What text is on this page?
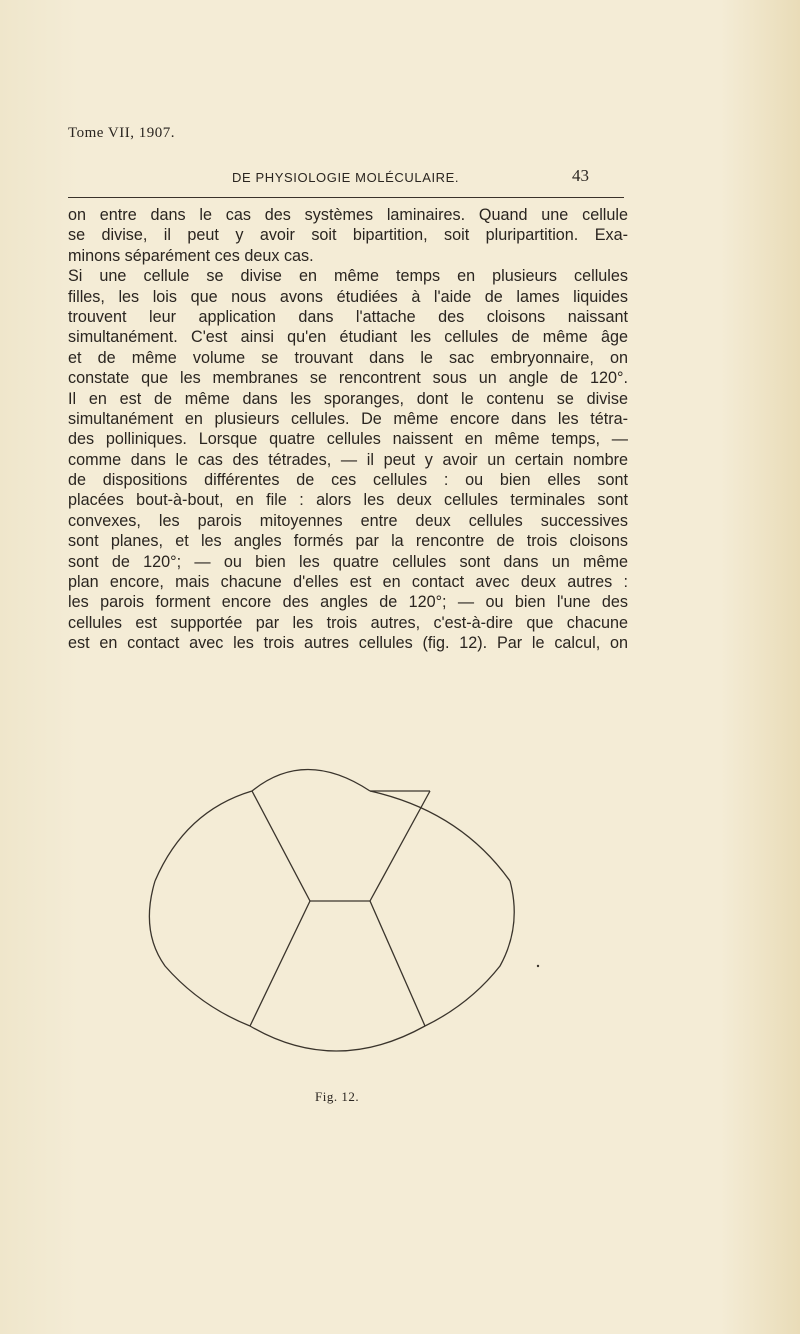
Tome VII, 1907.
DE PHYSIOLOGIE MOLÉCULAIRE.	43
on entre dans le cas des systèmes laminaires. Quand une cellule
se divise, il peut y avoir soit bipartition, soit pluripartition. Exa-
minons séparément ces deux cas.
Si une cellule se divise en même temps en plusieurs cellules
filles, les lois que nous avons étudiées à l'aide de lames liquides
trouvent leur application dans l'attache des cloisons naissant
simultanément. C'est ainsi qu'en étudiant les cellules de même âge
et de même volume se trouvant dans le sac embryonnaire, on
constate que les membranes se rencontrent sous un angle de 120°.
Il en est de même dans les sporanges, dont le contenu se divise
simultanément en plusieurs cellules. De même encore dans les tétra-
des polliniques. Lorsque quatre cellules naissent en même temps, —
comme dans le cas des tétrades, — il peut y avoir un certain nombre
de dispositions différentes de ces cellules : ou bien elles sont
placées bout-à-bout, en file : alors les deux cellules terminales sont
convexes, les parois mitoyennes entre deux cellules successives
sont planes, et les angles formés par la rencontre de trois cloisons
sont de 120°; — ou bien les quatre cellules sont dans un même
plan encore, mais chacune d'elles est en contact avec deux autres :
les parois forment encore des angles de 120°; — ou bien l'une des
cellules est supportée par les trois autres, c'est-à-dire que chacune
est en contact avec les trois autres cellules (fig. 12). Par le calcul, on
Fig. 12.
